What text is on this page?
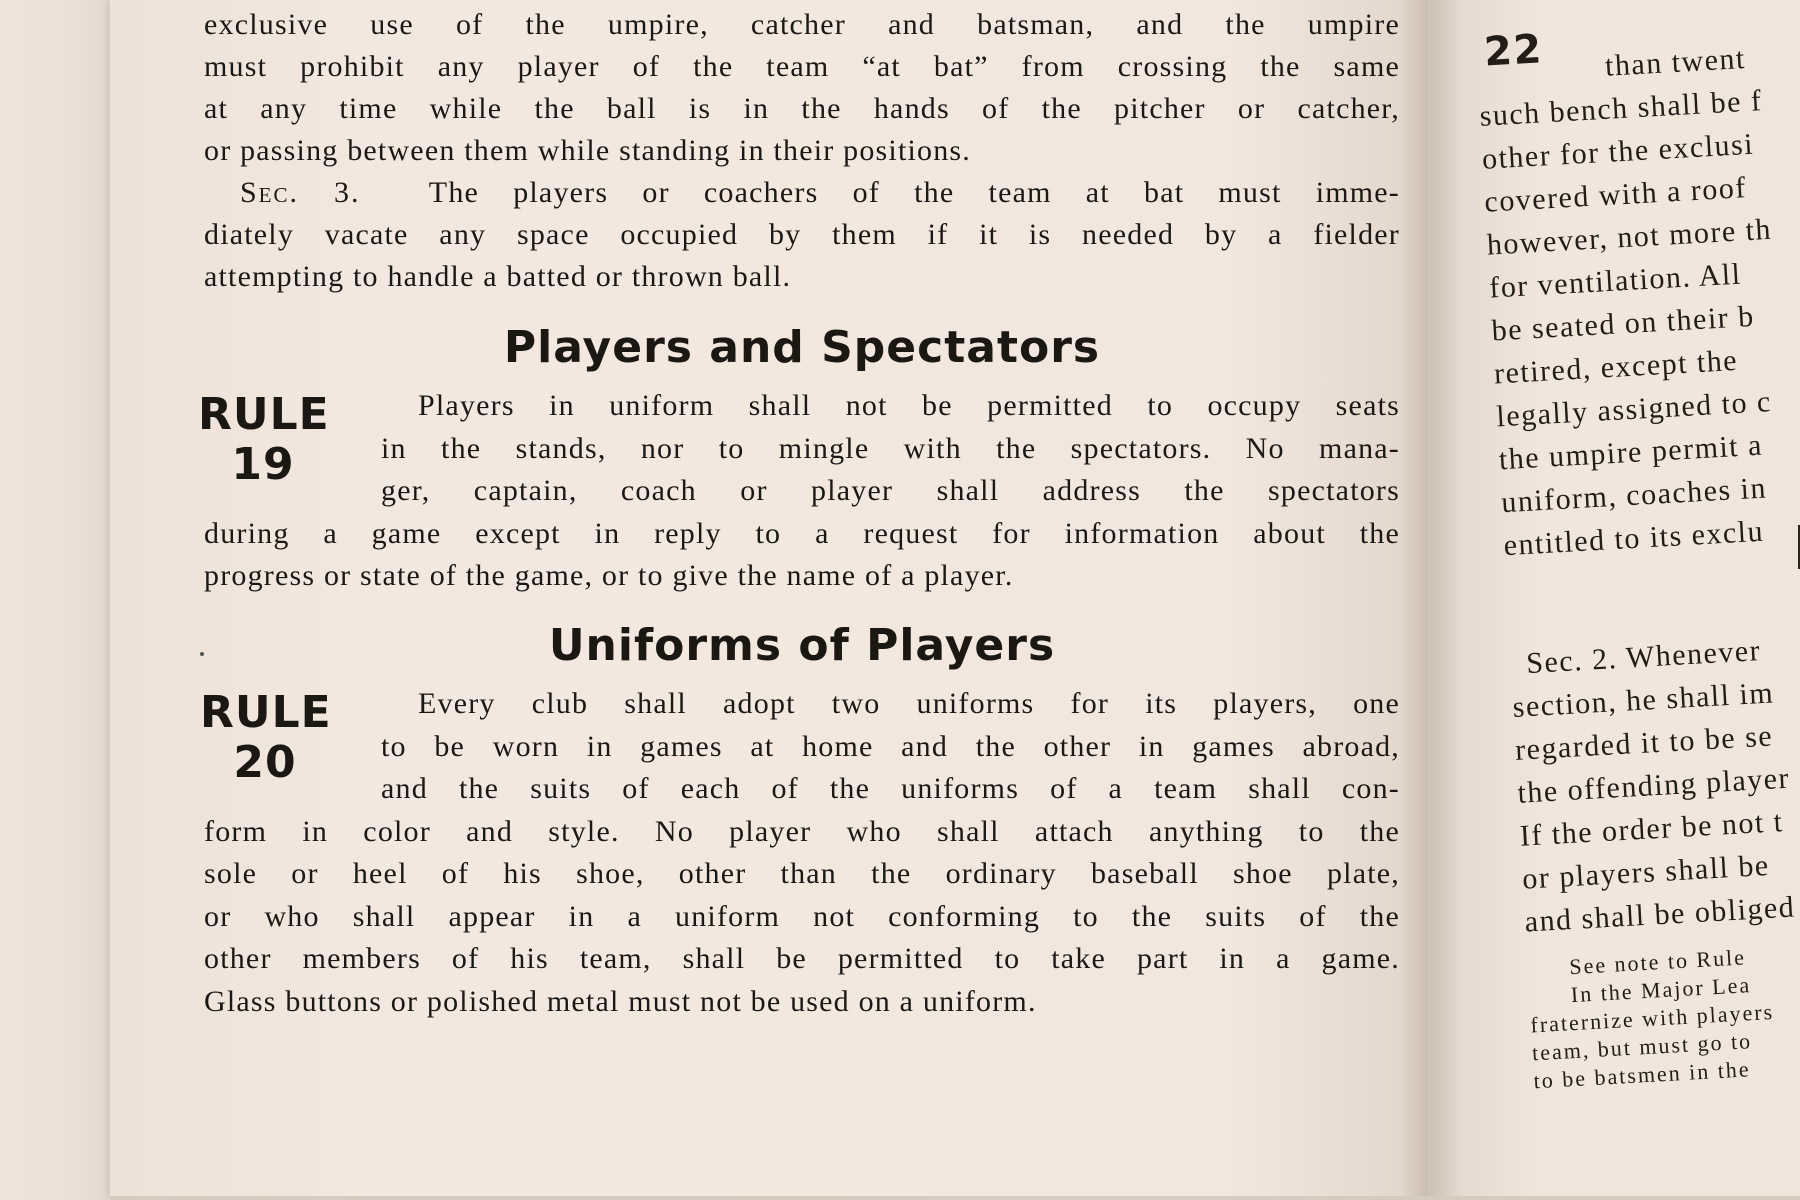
exclusive use of the umpire, catcher and batsman, and the umpire
must prohibit any player of the team “at bat” from crossing the same
at any time while the ball is in the hands of the pitcher or catcher,
or passing between them while standing in their positions.
Sec. 3. The players or coachers of the team at bat must imme-
diately vacate any space occupied by them if it is needed by a fielder
attempting to handle a batted or thrown ball.
Players and Spectators
RULE
19
Players in uniform shall not be permitted to occupy seats
in the stands, nor to mingle with the spectators. No mana-
ger, captain, coach or player shall address the spectators
during a game except in reply to a request for information about the
progress or state of the game, or to give the name of a player.
Uniforms of Players
RULE
20
Every club shall adopt two uniforms for its players, one
to be worn in games at home and the other in games abroad,
and the suits of each of the uniforms of a team shall con-
form in color and style. No player who shall attach anything to the
sole or heel of his shoe, other than the ordinary baseball shoe plate,
or who shall appear in a uniform not conforming to the suits of the
other members of his team, shall be permitted to take part in a game.
Glass buttons or polished metal must not be used on a uniform.
22	than twent
such bench shall be f
other for the exclusi
covered with a roof
however, not more th
for ventilation. All
be seated on their b
retired, except the
legally assigned to c
the umpire permit a
uniform, coaches in
entitled to its exclu
Sec. 2. Whenever
section, he shall im
regarded it to be se
the offending player
If the order be not t
or players shall be
and shall be obliged
See note to Rule
In the Major Lea
fraternize with players
team, but must go to
to be batsmen in the
